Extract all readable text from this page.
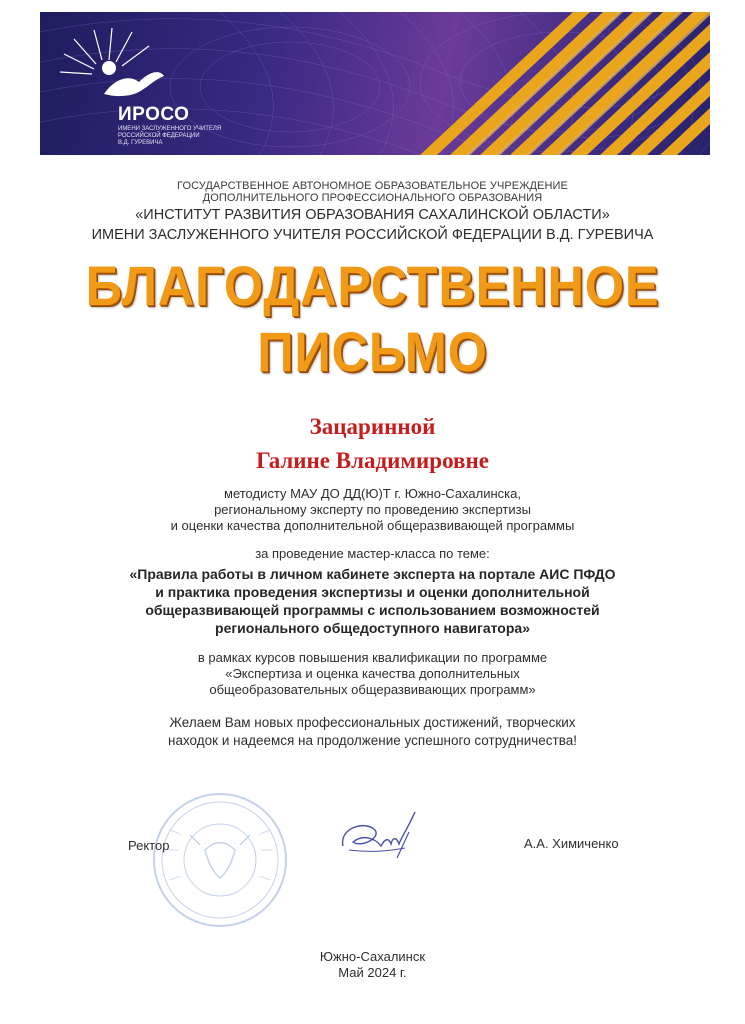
ИРОСО
ИМЕНИ ЗАСЛУЖЕННОГО УЧИТЕЛЯ
РОССИЙСКОЙ ФЕДЕРАЦИИ
В.Д. ГУРЕВИЧА
ГОСУДАРСТВЕННОЕ АВТОНОМНОЕ ОБРАЗОВАТЕЛЬНОЕ УЧРЕЖДЕНИЕ
ДОПОЛНИТЕЛЬНОГО ПРОФЕССИОНАЛЬНОГО ОБРАЗОВАНИЯ
«ИНСТИТУТ РАЗВИТИЯ ОБРАЗОВАНИЯ САХАЛИНСКОЙ ОБЛАСТИ»
ИМЕНИ ЗАСЛУЖЕННОГО УЧИТЕЛЯ РОССИЙСКОЙ ФЕДЕРАЦИИ В.Д. ГУРЕВИЧА
БЛАГОДАРСТВЕННОЕ
ПИСЬМО
Зацаринной
Галине Владимировне
методисту МАУ ДО ДД(Ю)Т г. Южно-Сахалинска,
региональному эксперту по проведению экспертизы
и оценки качества дополнительной общеразвивающей программы
за проведение мастер-класса по теме:
«Правила работы в личном кабинете эксперта на портале АИС ПФДО
и практика проведения экспертизы и оценки дополнительной
общеразвивающей программы с использованием возможностей
регионального общедоступного навигатора»
в рамках курсов повышения квалификации по программе
«Экспертиза и оценка качества дополнительных
общеобразовательных общеразвивающих программ»
Желаем Вам новых профессиональных достижений, творческих
находок и надеемся на продолжение успешного сотрудничества!
Ректор	А.А. Химиченко
Южно-Сахалинск
Май 2024 г.
